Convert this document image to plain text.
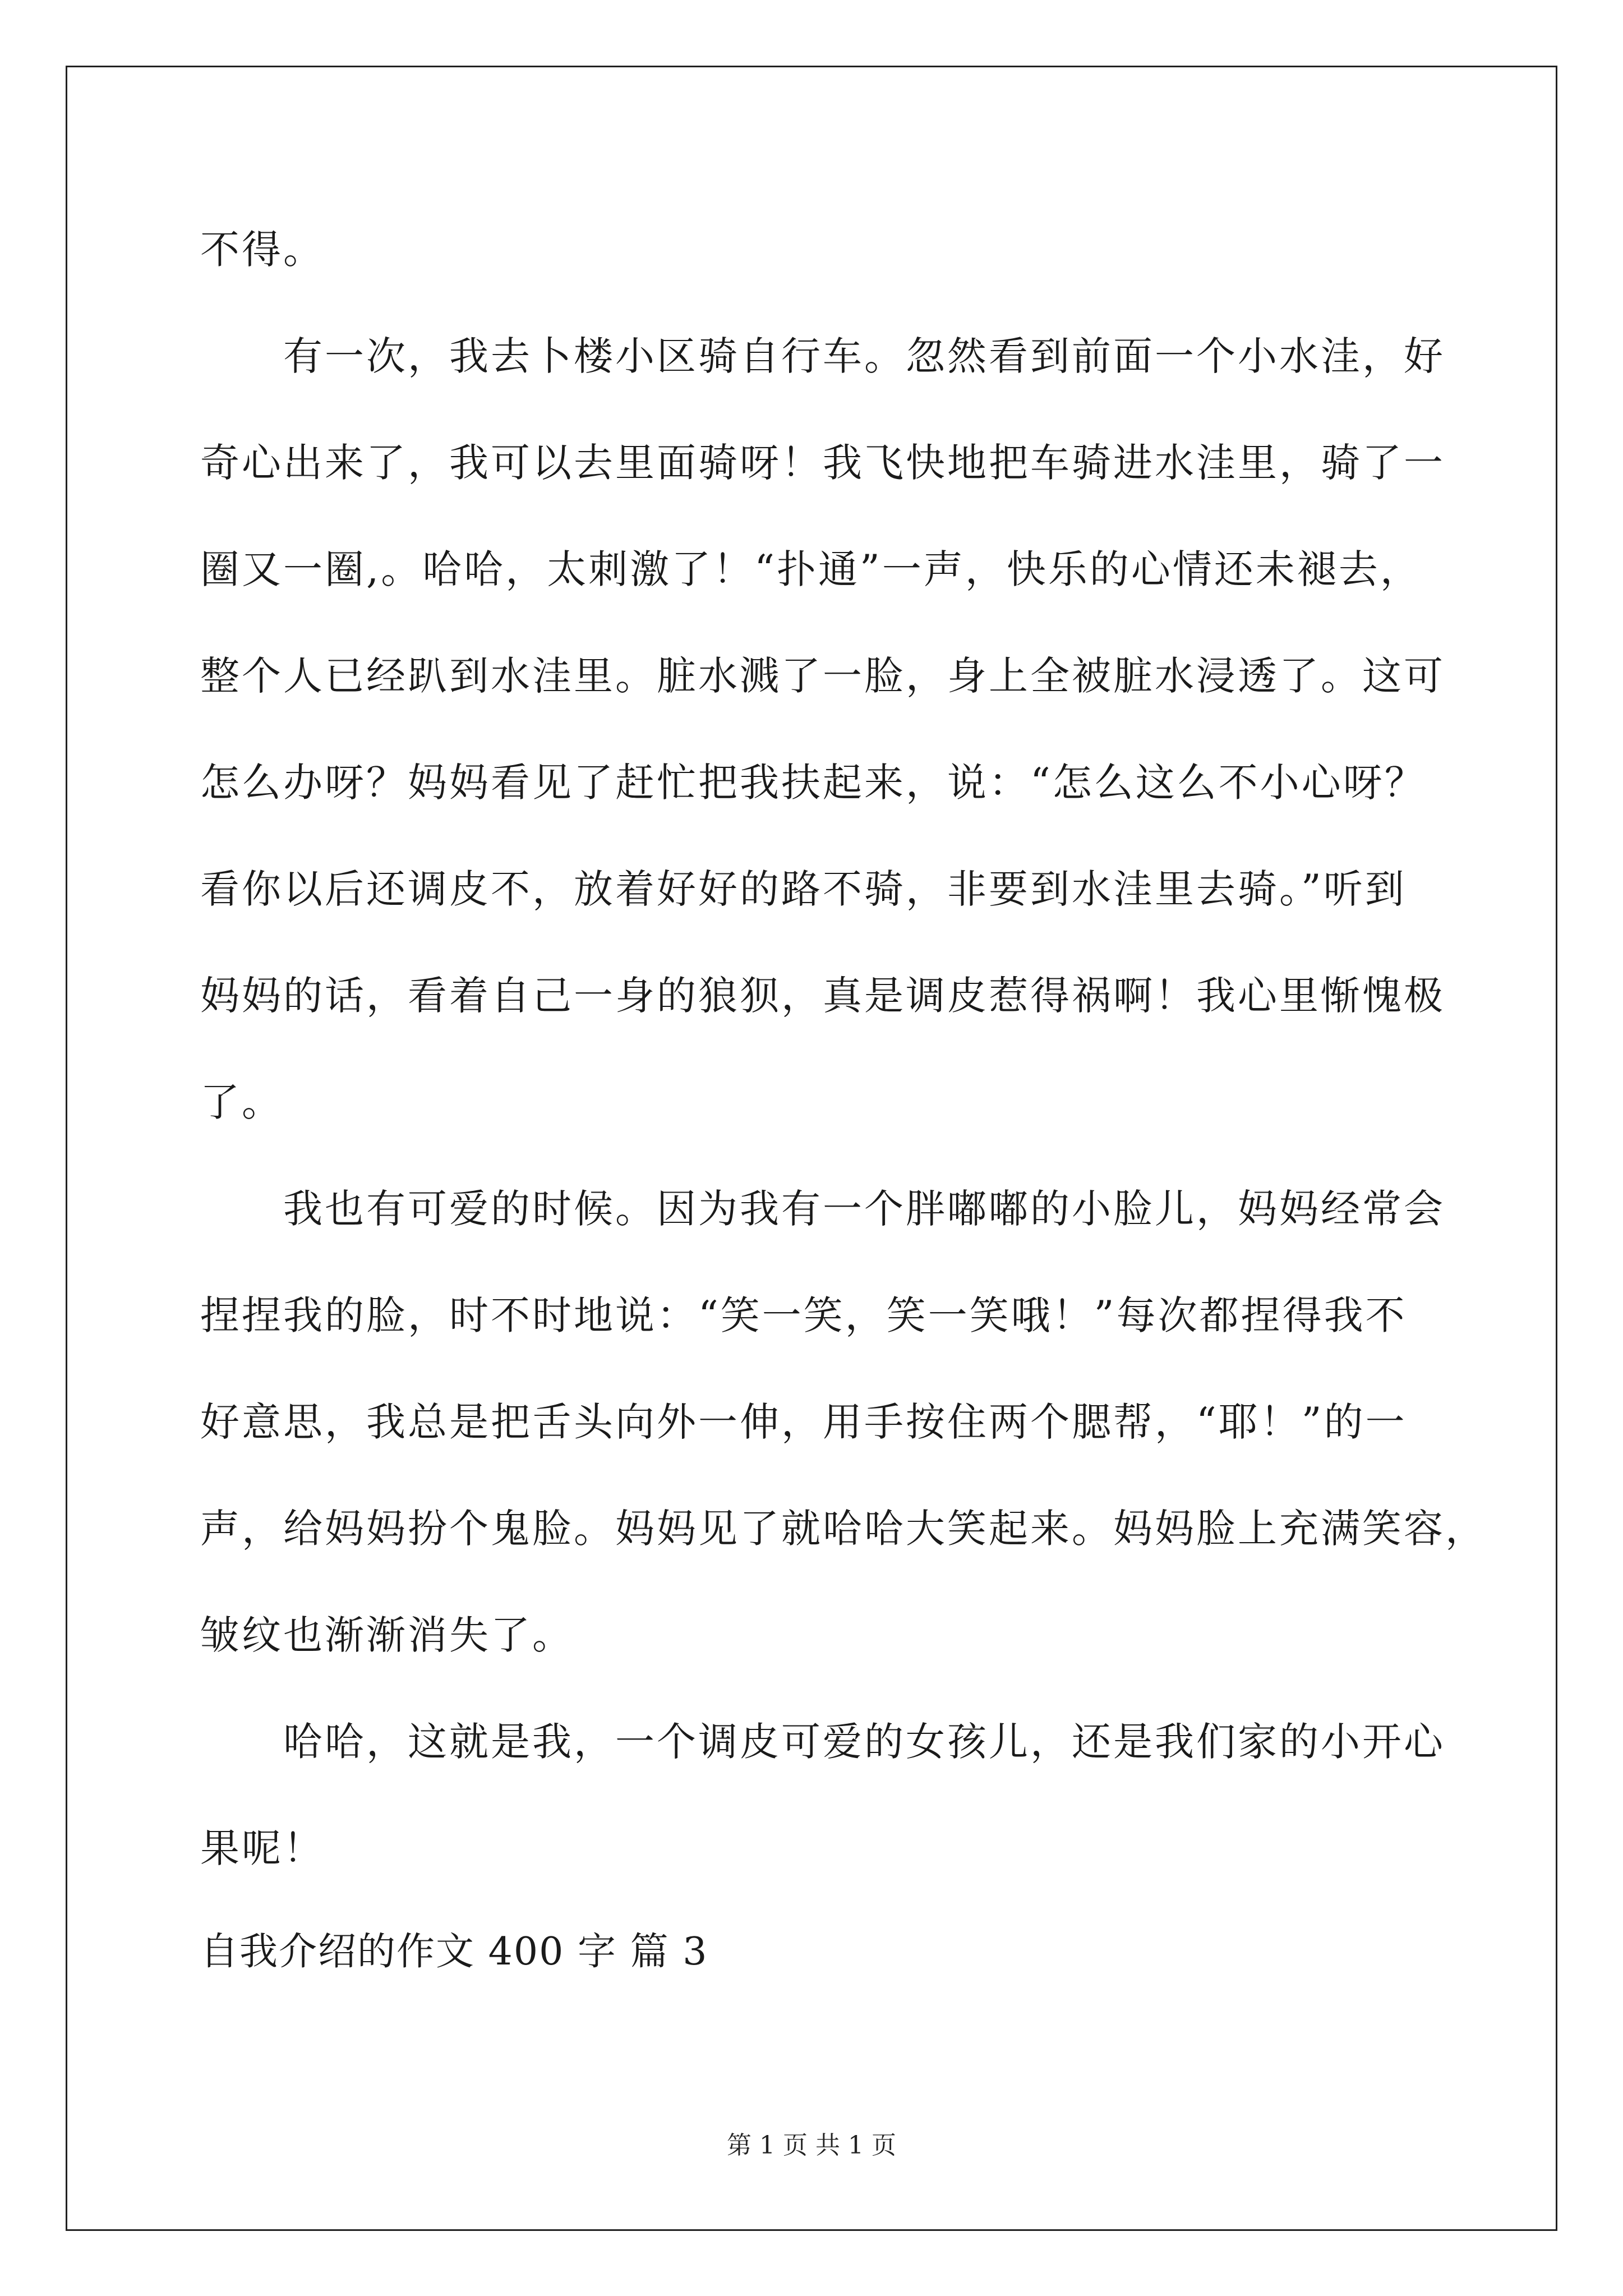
不得。
有一次，我去卜楼小区骑自行车。忽然看到前面一个小水洼，好
奇心出来了，我可以去里面骑呀！我飞快地把车骑进水洼里，骑了一
圈又一圈,。哈哈，太刺激了！“扑通”一声，快乐的心情还未褪去，
整个人已经趴到水洼里。脏水溅了一脸，身上全被脏水浸透了。这可
怎么办呀？妈妈看见了赶忙把我扶起来，说：“怎么这么不小心呀？
看你以后还调皮不，放着好好的路不骑，非要到水洼里去骑。”听到
妈妈的话，看着自己一身的狼狈，真是调皮惹得祸啊！我心里惭愧极
了。
我也有可爱的时候。因为我有一个胖嘟嘟的小脸儿，妈妈经常会
捏捏我的脸，时不时地说：“笑一笑，笑一笑哦！”每次都捏得我不
好意思，我总是把舌头向外一伸，用手按住两个腮帮，“耶！”的一
声，给妈妈扮个鬼脸。妈妈见了就哈哈大笑起来。妈妈脸上充满笑容，
皱纹也渐渐消失了。
哈哈，这就是我，一个调皮可爱的女孩儿，还是我们家的小开心
果呢！
自我介绍的作文 400 字 篇 3
第 1 页 共 1 页
